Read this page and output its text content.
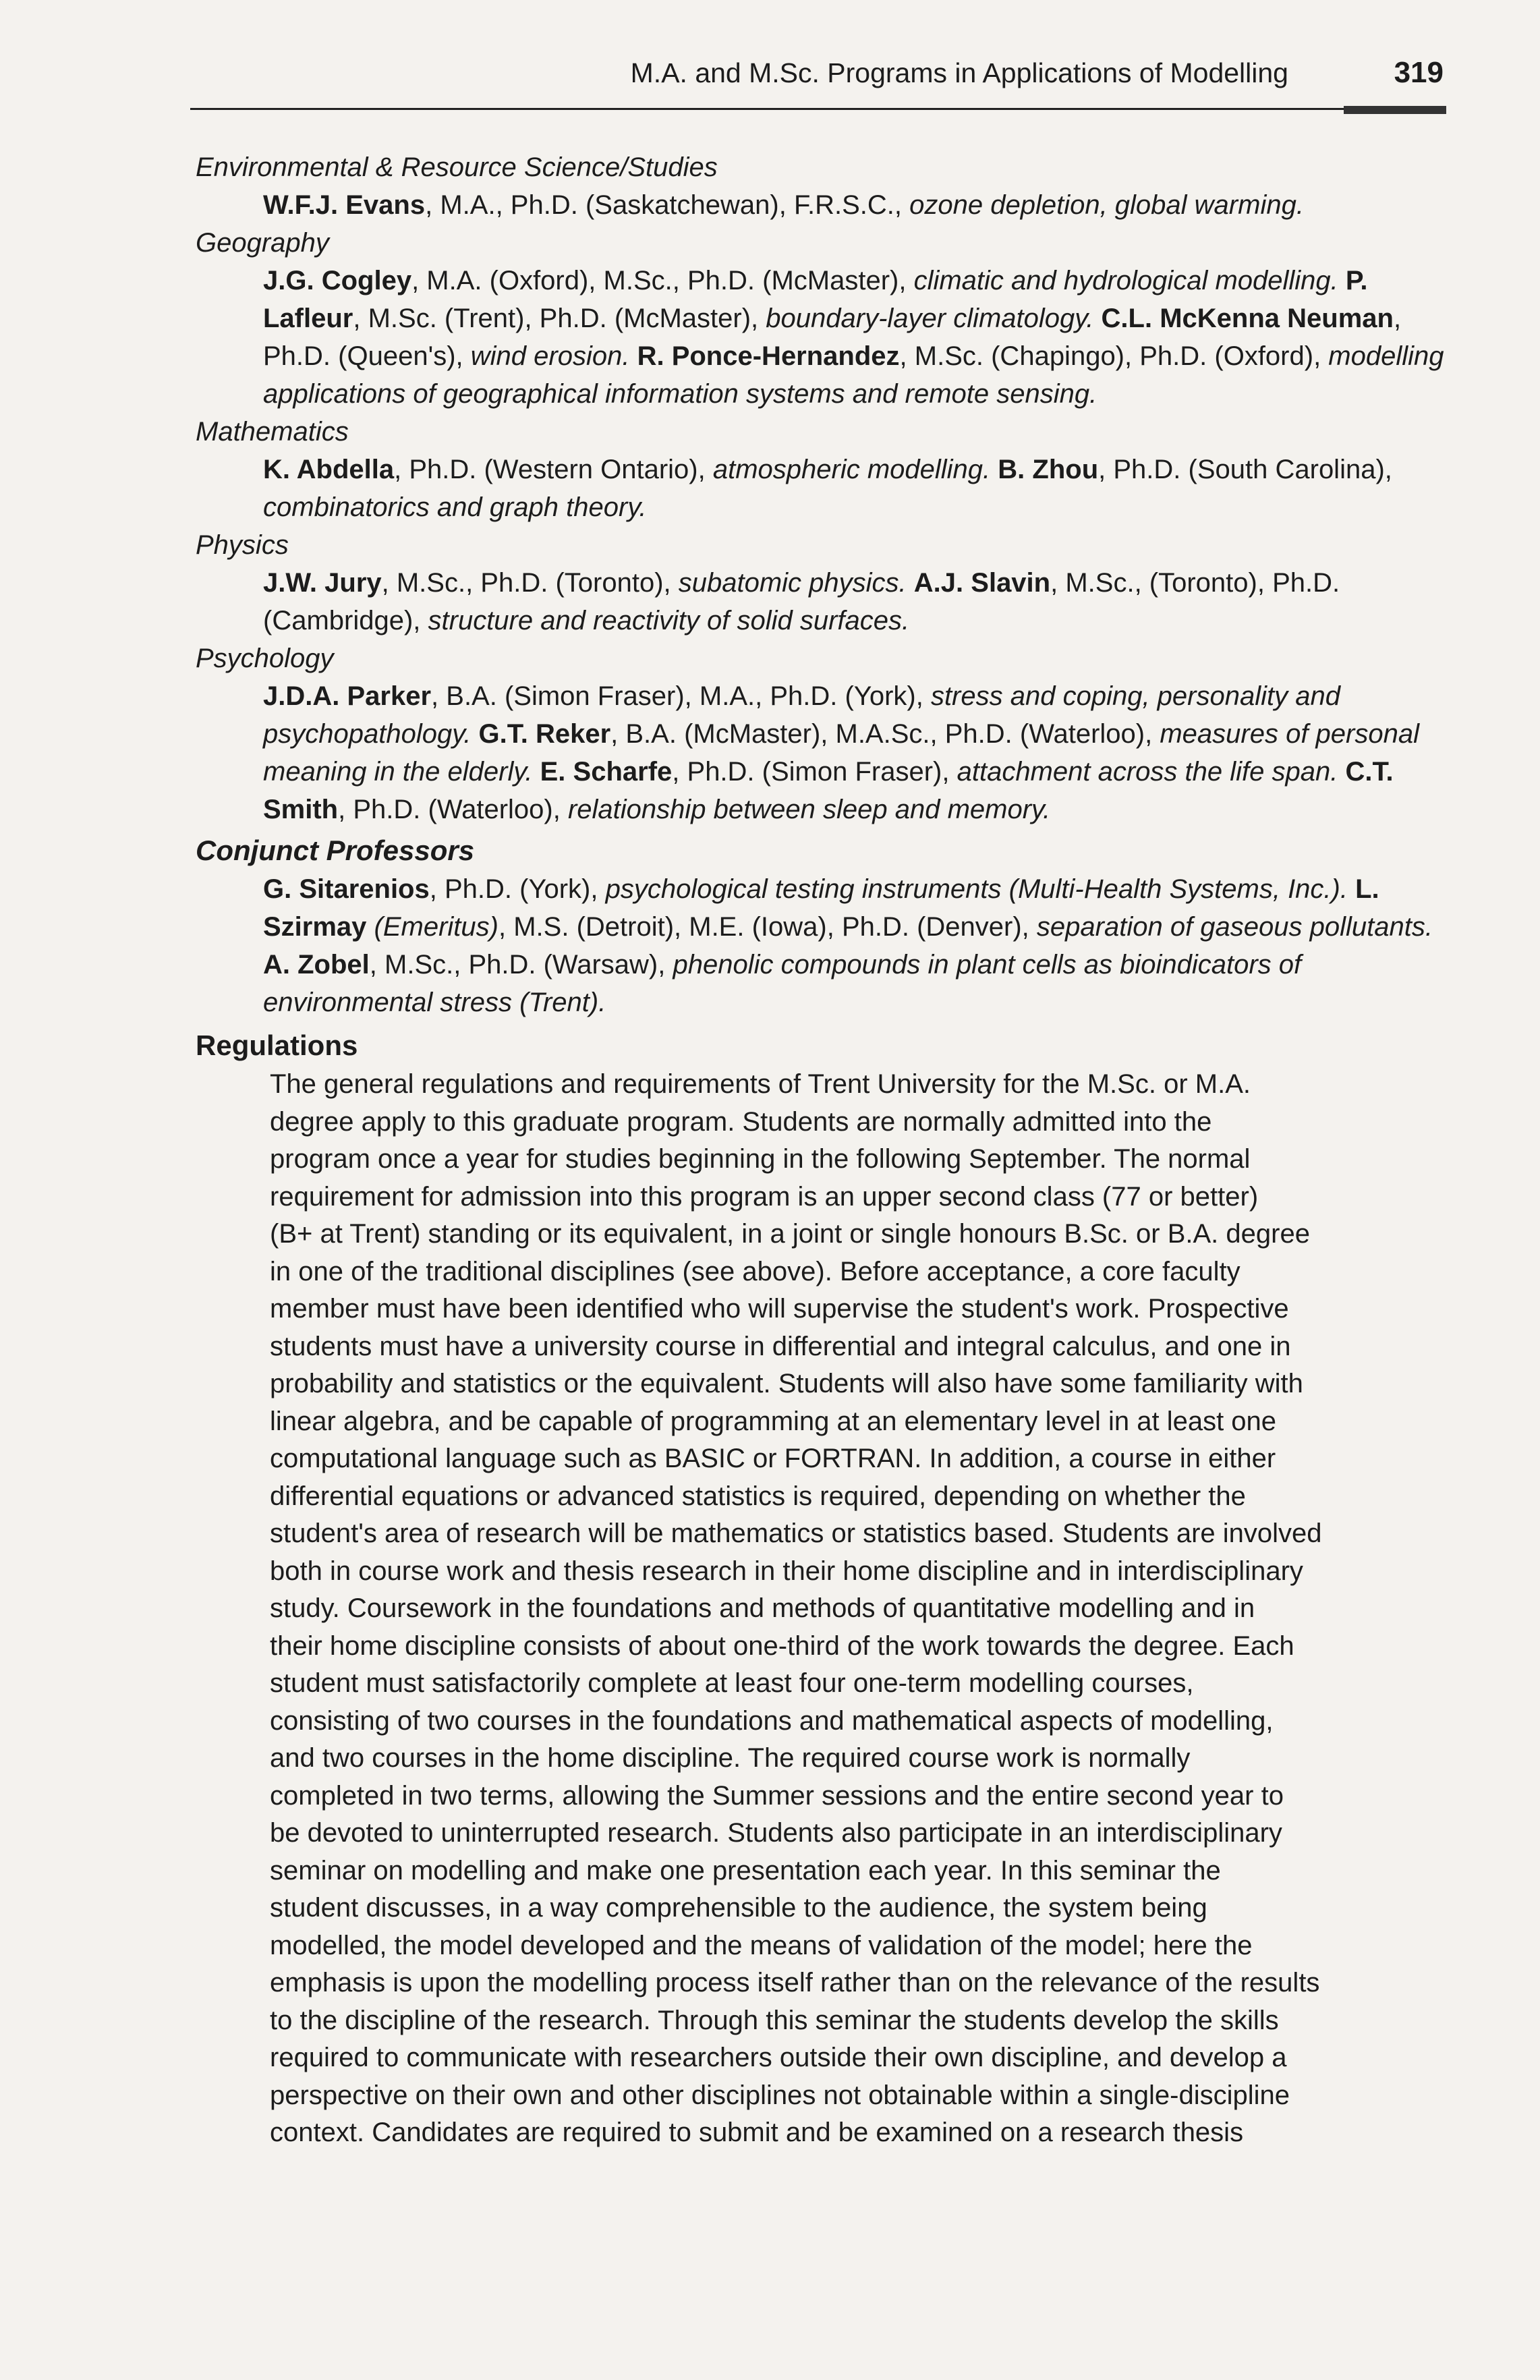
M.A. and M.Sc. Programs in Applications of Modelling	319

Environmental & Resource Science/Studies

W.F.J. Evans, M.A., Ph.D. (Saskatchewan), F.R.S.C., ozone depletion, global warming.

Geography

J.G. Cogley, M.A. (Oxford), M.Sc., Ph.D. (McMaster), climatic and hydrological modelling. P. Lafleur, M.Sc. (Trent), Ph.D. (McMaster), boundary-layer climatology. C.L. McKenna Neuman, Ph.D. (Queen's), wind erosion. R. Ponce-Hernandez, M.Sc. (Chapingo), Ph.D. (Oxford), modelling applications of geographical information systems and remote sensing.

Mathematics

K. Abdella, Ph.D. (Western Ontario), atmospheric modelling. B. Zhou, Ph.D. (South Carolina), combinatorics and graph theory.

Physics

J.W. Jury, M.Sc., Ph.D. (Toronto), subatomic physics. A.J. Slavin, M.Sc., (Toronto), Ph.D. (Cambridge), structure and reactivity of solid surfaces.

Psychology

J.D.A. Parker, B.A. (Simon Fraser), M.A., Ph.D. (York), stress and coping, personality and psychopathology. G.T. Reker, B.A. (McMaster), M.A.Sc., Ph.D. (Waterloo), measures of personal meaning in the elderly. E. Scharfe, Ph.D. (Simon Fraser), attachment across the life span. C.T. Smith, Ph.D. (Waterloo), relationship between sleep and memory.

Conjunct Professors

G. Sitarenios, Ph.D. (York), psychological testing instruments (Multi-Health Systems, Inc.). L. Szirmay (Emeritus), M.S. (Detroit), M.E. (Iowa), Ph.D. (Denver), separation of gaseous pollutants. A. Zobel, M.Sc., Ph.D. (Warsaw), phenolic compounds in plant cells as bioindicators of environmental stress (Trent).

Regulations

The general regulations and requirements of Trent University for the M.Sc. or M.A.
degree apply to this graduate program. Students are normally admitted into the
program once a year for studies beginning in the following September. The normal
requirement for admission into this program is an upper second class (77 or better)
(B+ at Trent) standing or its equivalent, in a joint or single honours B.Sc. or B.A. degree
in one of the traditional disciplines (see above). Before acceptance, a core faculty
member must have been identified who will supervise the student's work. Prospective
students must have a university course in differential and integral calculus, and one in
probability and statistics or the equivalent. Students will also have some familiarity with
linear algebra, and be capable of programming at an elementary level in at least one
computational language such as BASIC or FORTRAN. In addition, a course in either
differential equations or advanced statistics is required, depending on whether the
student's area of research will be mathematics or statistics based. Students are involved
both in course work and thesis research in their home discipline and in interdisciplinary
study. Coursework in the foundations and methods of quantitative modelling and in
their home discipline consists of about one-third of the work towards the degree. Each
student must satisfactorily complete at least four one-term modelling courses,
consisting of two courses in the foundations and mathematical aspects of modelling,
and two courses in the home discipline. The required course work is normally
completed in two terms, allowing the Summer sessions and the entire second year to
be devoted to uninterrupted research. Students also participate in an interdisciplinary
seminar on modelling and make one presentation each year. In this seminar the
student discusses, in a way comprehensible to the audience, the system being
modelled, the model developed and the means of validation of the model; here the
emphasis is upon the modelling process itself rather than on the relevance of the results
to the discipline of the research. Through this seminar the students develop the skills
required to communicate with researchers outside their own discipline, and develop a
perspective on their own and other disciplines not obtainable within a single-discipline
context. Candidates are required to submit and be examined on a research thesis
